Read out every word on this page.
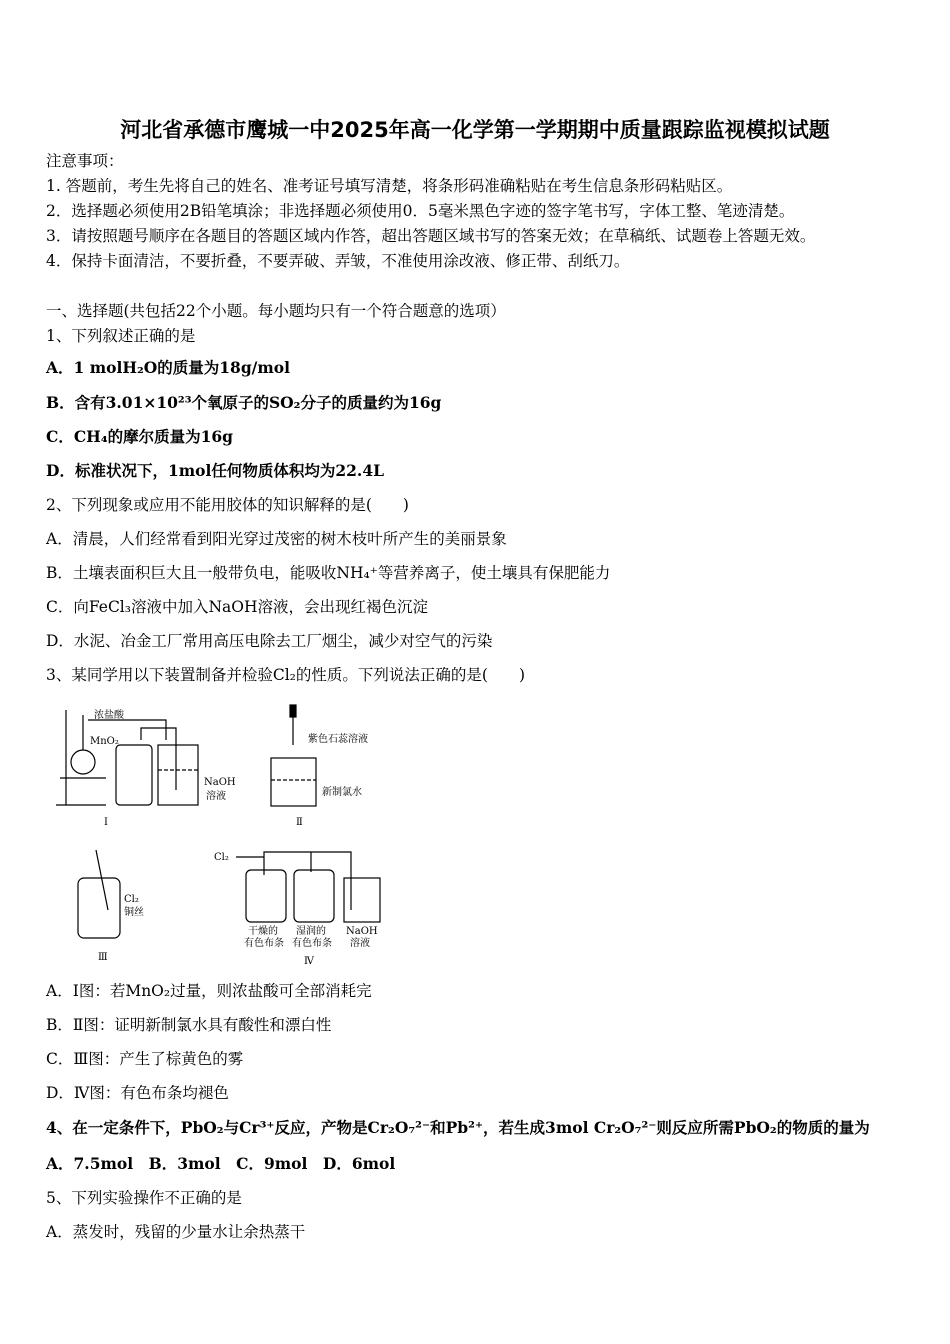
河北省承德市鹰城一中2025年高一化学第一学期期中质量跟踪监视模拟试题
注意事项：
1. 答题前，考生先将自己的姓名、准考证号填写清楚，将条形码准确粘贴在考生信息条形码粘贴区。
2．选择题必须使用2B铅笔填涂；非选择题必须使用0．5毫米黑色字迹的签字笔书写，字体工整、笔迹清楚。
3．请按照题号顺序在各题目的答题区域内作答，超出答题区域书写的答案无效；在草稿纸、试题卷上答题无效。
4．保持卡面清洁，不要折叠，不要弄破、弄皱，不准使用涂改液、修正带、刮纸刀。
一、选择题(共包括22个小题。每小题均只有一个符合题意的选项）
1、下列叙述正确的是
A．1 molH₂O的质量为18g/mol
B．含有3.01×10²³个氧原子的SO₂分子的质量约为16g
C．CH₄的摩尔质量为16g
D．标准状况下，1mol任何物质体积均为22.4L
2、下列现象或应用不能用胶体的知识解释的是(　　)
A．清晨，人们经常看到阳光穿过茂密的树木枝叶所产生的美丽景象
B．土壤表面积巨大且一般带负电，能吸收NH₄⁺等营养离子，使土壤具有保肥能力
C．向FeCl₃溶液中加入NaOH溶液，会出现红褐色沉淀
D．水泥、冶金工厂常用高压电除去工厂烟尘，减少对空气的污染
3、某同学用以下装置制备并检验Cl₂的性质。下列说法正确的是(　　)
浓盐酸
MnO₂
NaOH
溶液
Ⅰ
紫色石蕊溶液
新制氯水
Ⅱ
Cl₂
铜丝
Ⅲ
Cl₂
干燥的
有色布条
湿润的
有色布条
NaOH
溶液
Ⅳ
A．Ⅰ图：若MnO₂过量，则浓盐酸可全部消耗完
B．Ⅱ图：证明新制氯水具有酸性和漂白性
C．Ⅲ图：产生了棕黄色的雾
D．Ⅳ图：有色布条均褪色
4、在一定条件下，PbO₂与Cr³⁺反应，产物是Cr₂O₇²⁻和Pb²⁺，若生成3mol Cr₂O₇²⁻则反应所需PbO₂的物质的量为
A．7.5mol　B．3mol　C．9mol　D．6mol
5、下列实验操作不正确的是
A．蒸发时，残留的少量水让余热蒸干
